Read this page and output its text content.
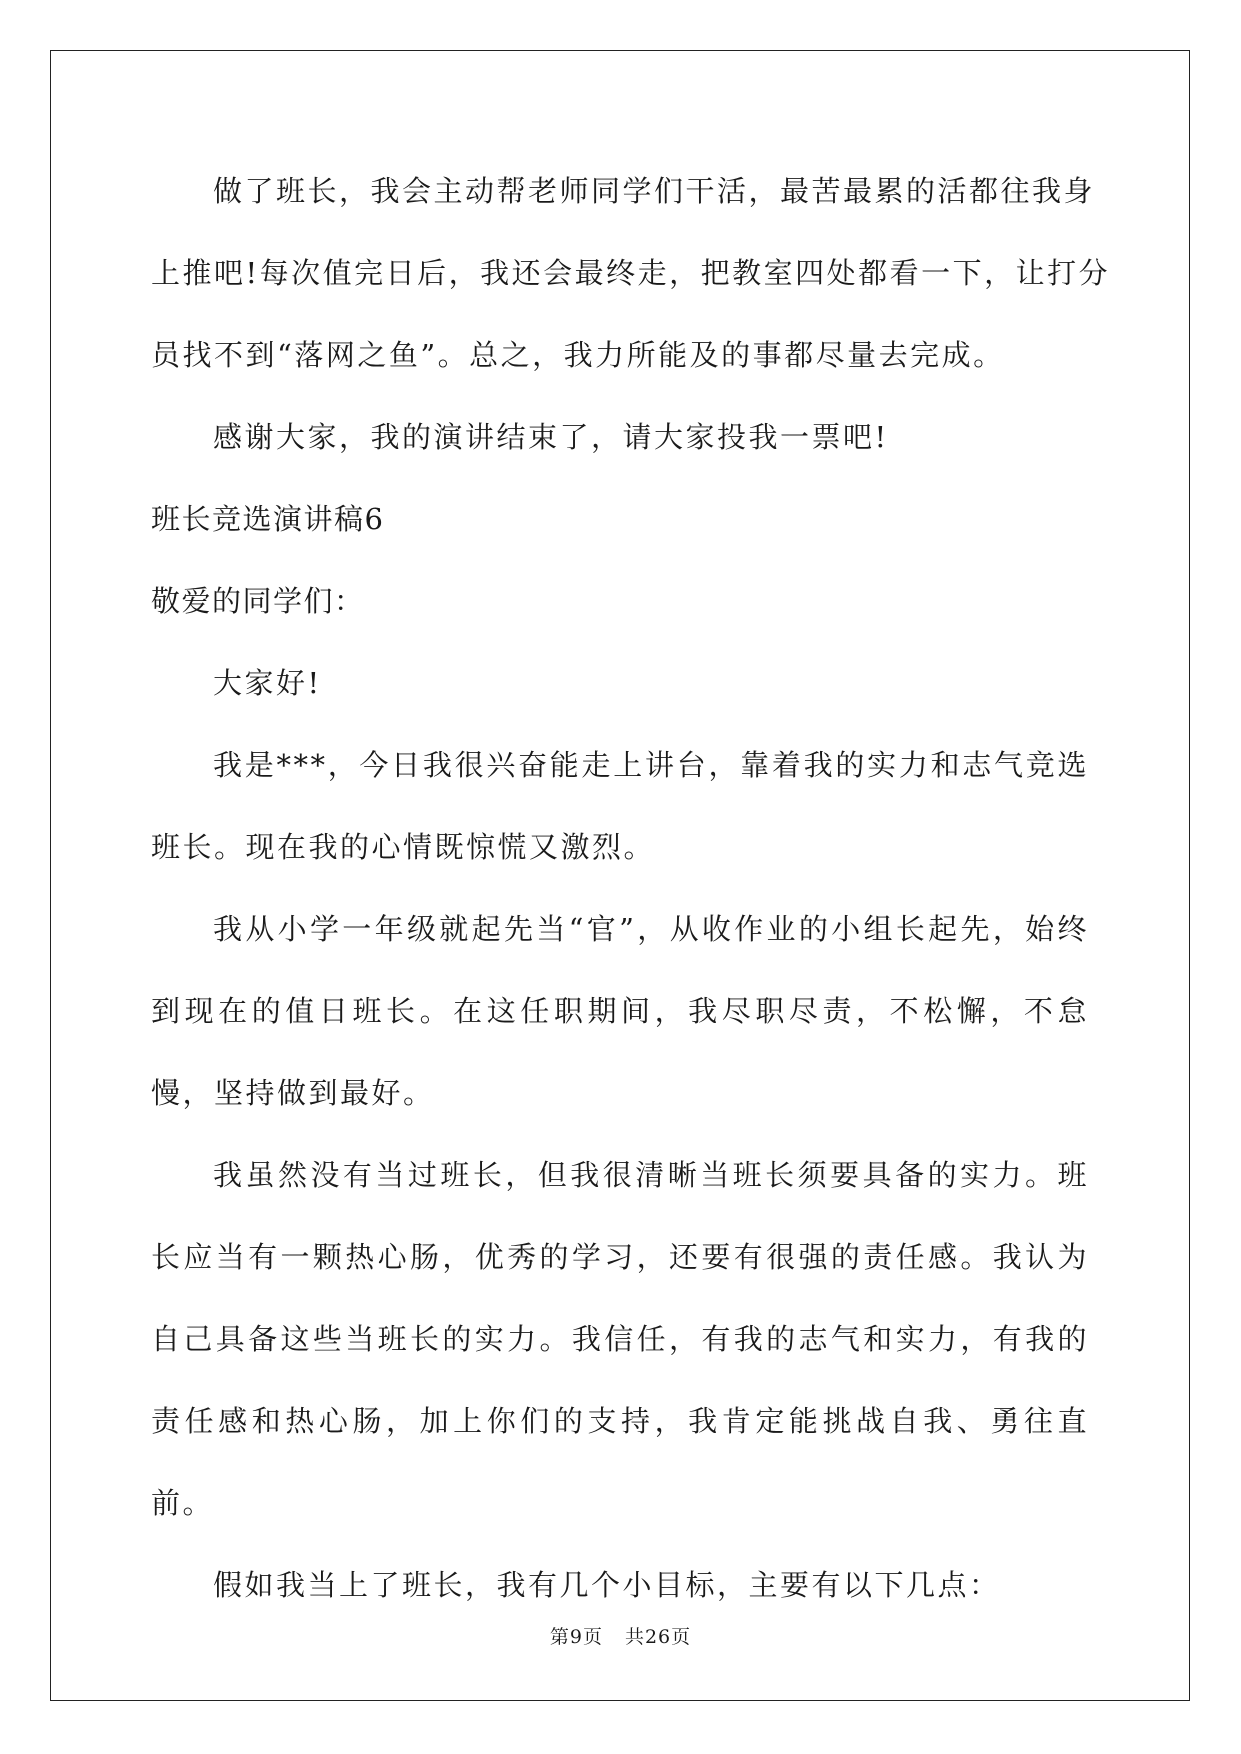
做了班长，我会主动帮老师同学们干活，最苦最累的活都往我身

上推吧!每次值完日后，我还会最终走，把教室四处都看一下，让打分

员找不到“落网之鱼”。总之，我力所能及的事都尽量去完成。

感谢大家，我的演讲结束了，请大家投我一票吧!

班长竞选演讲稿6

敬爱的同学们：

大家好!

我是***，今日我很兴奋能走上讲台，靠着我的实力和志气竞选班长。现在我的心情既惊慌又激烈。

我从小学一年级就起先当“官”，从收作业的小组长起先，始终到现在的值日班长。在这任职期间，我尽职尽责，不松懈，不怠慢，坚持做到最好。

我虽然没有当过班长，但我很清晰当班长须要具备的实力。班长应当有一颗热心肠，优秀的学习，还要有很强的责任感。我认为自己具备这些当班长的实力。我信任，有我的志气和实力，有我的责任感和热心肠，加上你们的支持，我肯定能挑战自我、勇往直前。

假如我当上了班长，我有几个小目标，主要有以下几点：

第9页 共26页
